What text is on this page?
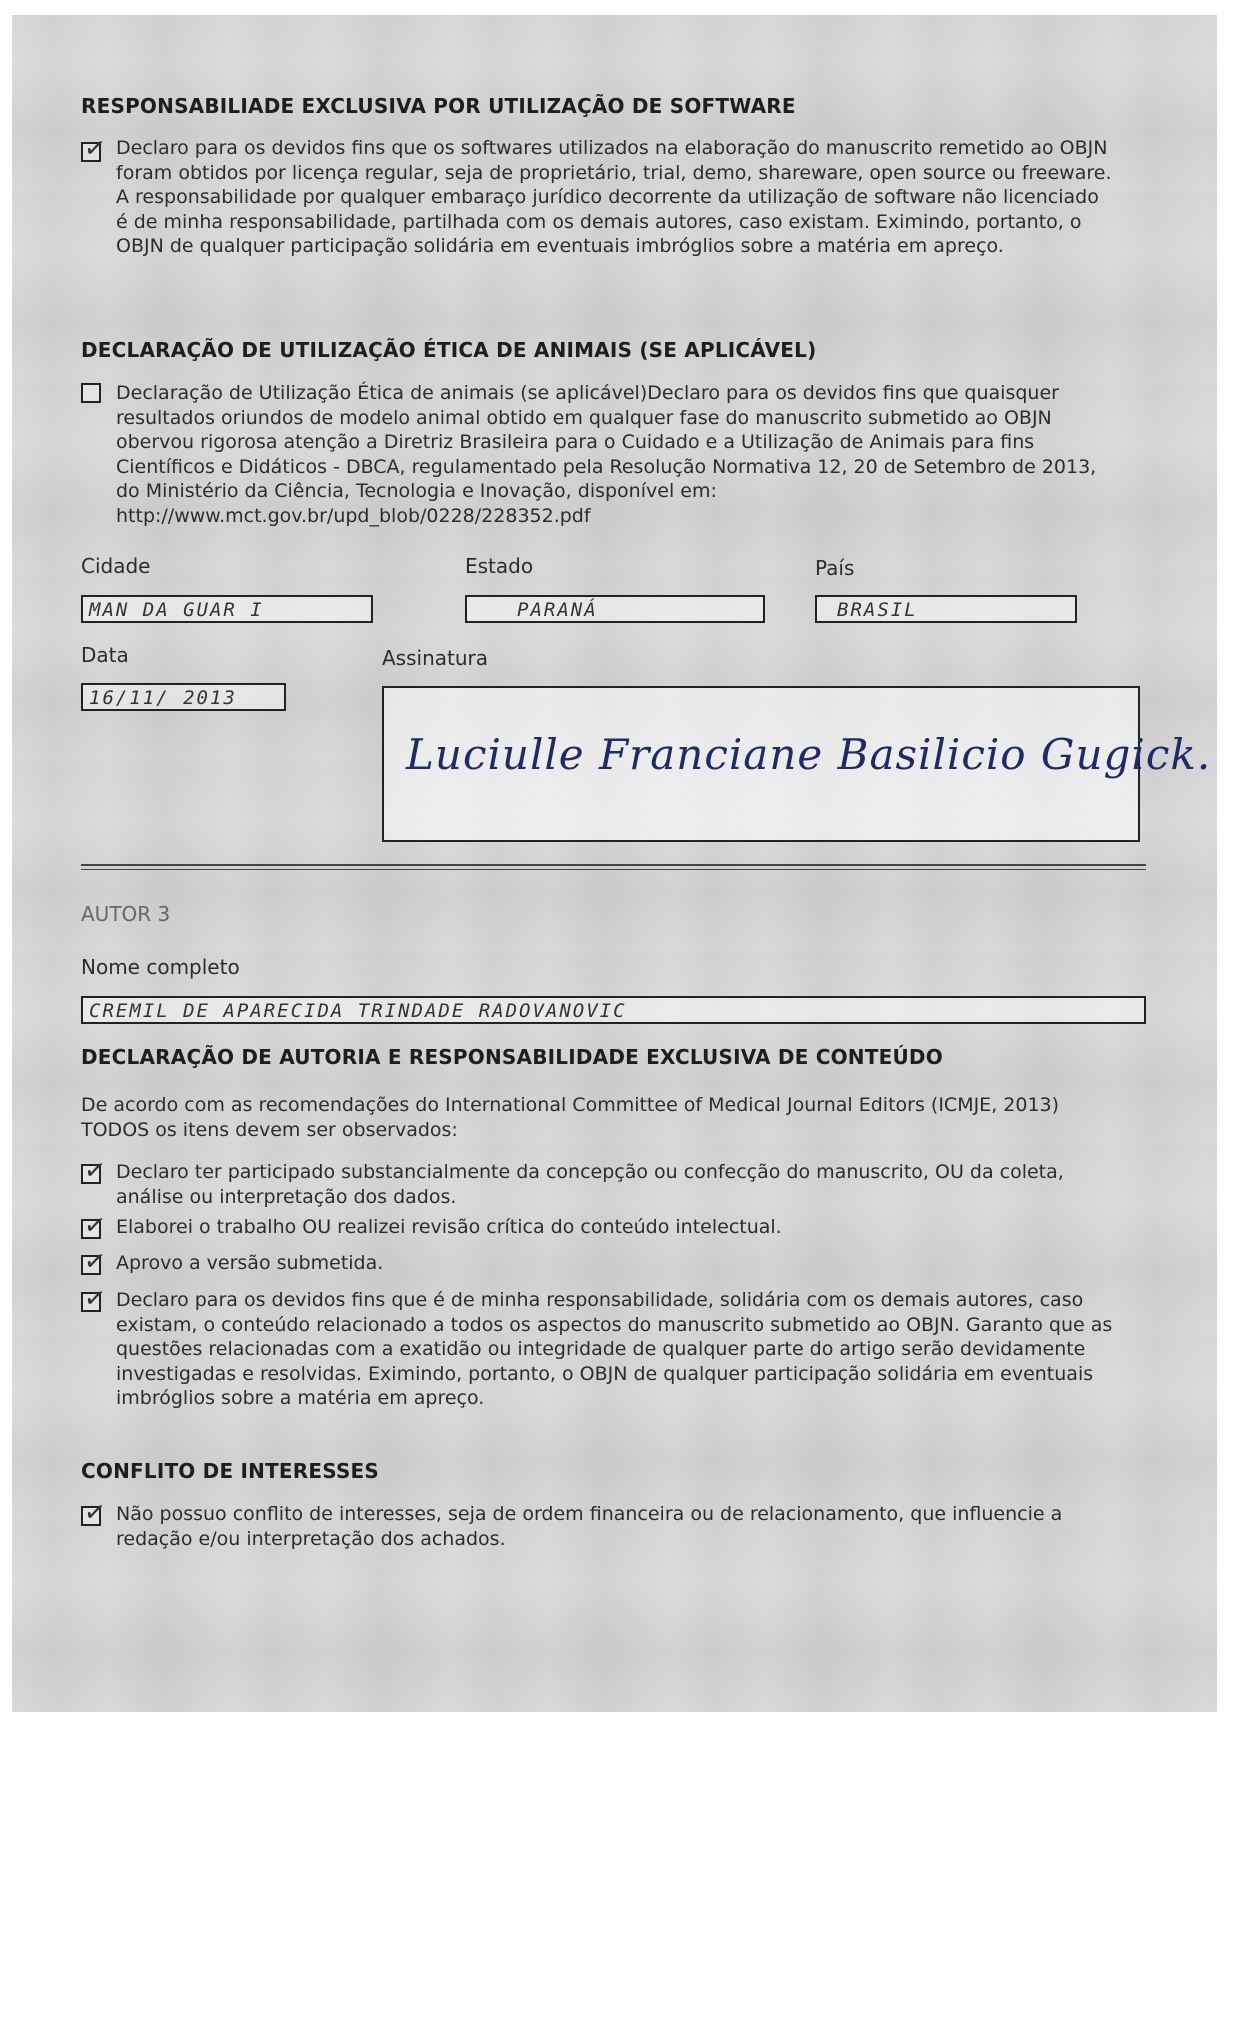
RESPONSABILIADE EXCLUSIVA POR UTILIZAÇÃO DE SOFTWARE
✓ Declaro para os devidos fins que os softwares utilizados na elaboração do manuscrito remetido ao OBJN foram obtidos por licença regular, seja de proprietário, trial, demo, shareware, open source ou freeware. A responsabilidade por qualquer embaraço jurídico decorrente da utilização de software não licenciado é de minha responsabilidade, partilhada com os demais autores, caso existam. Eximindo, portanto, o OBJN de qualquer participação solidária em eventuais imbróglios sobre a matéria em apreço.
DECLARAÇÃO DE UTILIZAÇÃO ÉTICA DE ANIMAIS (SE APLICÁVEL)
Declaração de Utilização Ética de animais (se aplicável)Declaro para os devidos fins que quaisquer resultados oriundos de modelo animal obtido em qualquer fase do manuscrito submetido ao OBJN obervou rigorosa atenção a Diretriz Brasileira para o Cuidado e a Utilização de Animais para fins Científicos e Didáticos - DBCA, regulamentado pela Resolução Normativa 12, 20 de Setembro de 2013, do Ministério da Ciência, Tecnologia e Inovação, disponível em: http://www.mct.gov.br/upd_blob/0228/228352.pdf
Cidade
MAN DA GUAR I
Estado
PARANÁ
País
BRASIL
Data
16/11/ 2013
Assinatura
Luciulle Franciane Basilicio Gugick.
AUTOR 3
Nome completo
CREMIL DE APARECIDA TRINDADE RADOVANOVIC
DECLARAÇÃO DE AUTORIA E RESPONSABILIDADE EXCLUSIVA DE CONTEÚDO
De acordo com as recomendações do International Committee of Medical Journal Editors (ICMJE, 2013) TODOS os itens devem ser observados:
✓ Declaro ter participado substancialmente da concepção ou confecção do manuscrito, OU da coleta, análise ou interpretação dos dados.
✓ Elaborei o trabalho OU realizei revisão crítica do conteúdo intelectual.
✓ Aprovo a versão submetida.
✓ Declaro para os devidos fins que é de minha responsabilidade, solidária com os demais autores, caso existam, o conteúdo relacionado a todos os aspectos do manuscrito submetido ao OBJN. Garanto que as questões relacionadas com a exatidão ou integridade de qualquer parte do artigo serão devidamente investigadas e resolvidas. Eximindo, portanto, o OBJN de qualquer participação solidária em eventuais imbróglios sobre a matéria em apreço.
CONFLITO DE INTERESSES
✓ Não possuo conflito de interesses, seja de ordem financeira ou de relacionamento, que influencie a redação e/ou interpretação dos achados.
